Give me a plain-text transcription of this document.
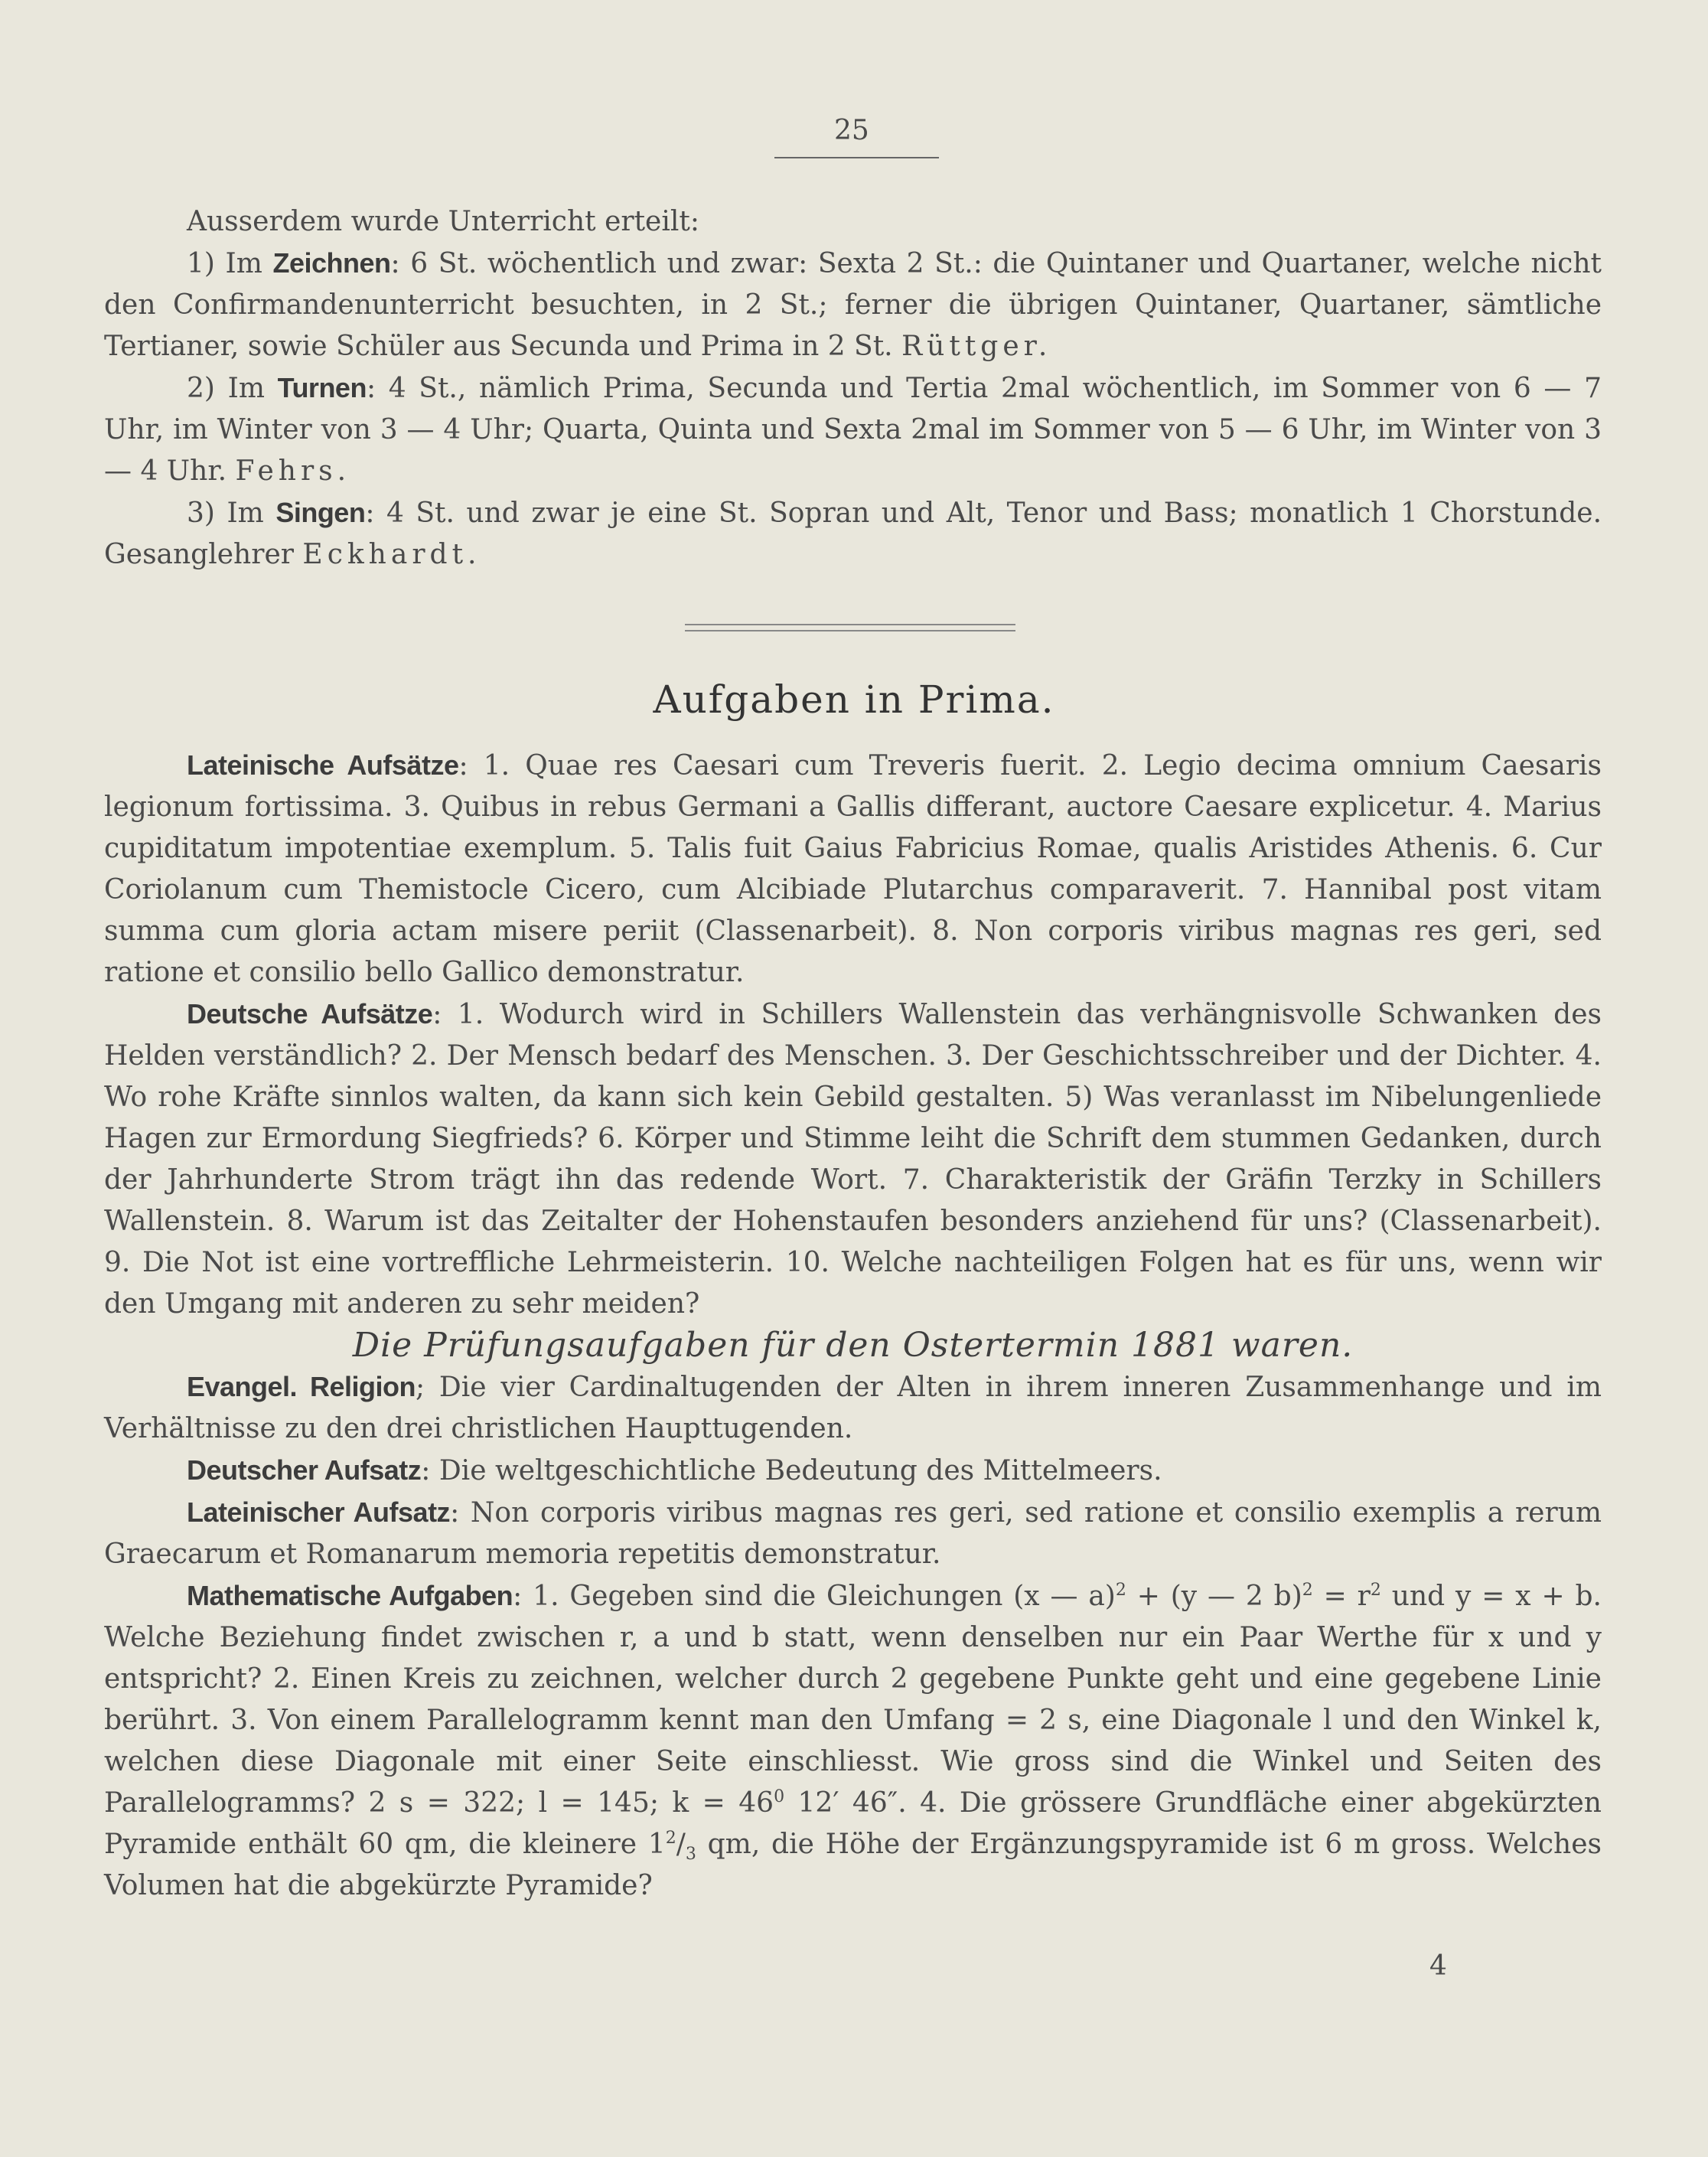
25

Ausserdem wurde Unterricht erteilt:

1) Im Zeichnen: 6 St. wöchentlich und zwar: Sexta 2 St.: die Quintaner und Quartaner, welche nicht den Confirmandenunterricht besuchten, in 2 St.; ferner die übrigen Quintaner, Quartaner, sämtliche Tertianer, sowie Schüler aus Secunda und Prima in 2 St. Rüttger.

2) Im Turnen: 4 St., nämlich Prima, Secunda und Tertia 2mal wöchentlich, im Sommer von 6 — 7 Uhr, im Winter von 3 — 4 Uhr; Quarta, Quinta und Sexta 2mal im Sommer von 5 — 6 Uhr, im Winter von 3 — 4 Uhr. Fehrs.

3) Im Singen: 4 St. und zwar je eine St. Sopran und Alt, Tenor und Bass; monatlich 1 Chorstunde. Gesanglehrer Eckhardt.

Aufgaben in Prima.

Lateinische Aufsätze: 1. Quae res Caesari cum Treveris fuerit. 2. Legio decima omnium Caesaris legionum fortissima. 3. Quibus in rebus Germani a Gallis differant, auctore Caesare explicetur. 4. Marius cupiditatum impotentiae exemplum. 5. Talis fuit Gaius Fabricius Romae, qualis Aristides Athenis. 6. Cur Coriolanum cum Themistocle Cicero, cum Alcibiade Plutarchus comparaverit. 7. Hannibal post vitam summa cum gloria actam misere periit (Classenarbeit). 8. Non corporis viribus magnas res geri, sed ratione et consilio bello Gallico demonstratur.

Deutsche Aufsätze: 1. Wodurch wird in Schillers Wallenstein das verhängnisvolle Schwanken des Helden verständlich? 2. Der Mensch bedarf des Menschen. 3. Der Geschichtsschreiber und der Dichter. 4. Wo rohe Kräfte sinnlos walten, da kann sich kein Gebild gestalten. 5) Was veranlasst im Nibelungenliede Hagen zur Ermordung Siegfrieds? 6. Körper und Stimme leiht die Schrift dem stummen Gedanken, durch der Jahrhunderte Strom trägt ihn das redende Wort. 7. Charakteristik der Gräfin Terzky in Schillers Wallenstein. 8. Warum ist das Zeitalter der Hohenstaufen besonders anziehend für uns? (Classenarbeit). 9. Die Not ist eine vortreffliche Lehrmeisterin. 10. Welche nachteiligen Folgen hat es für uns, wenn wir den Umgang mit anderen zu sehr meiden?

Die Prüfungsaufgaben für den Ostertermin 1881 waren.

Evangel. Religion; Die vier Cardinaltugenden der Alten in ihrem inneren Zusammenhange und im Verhältnisse zu den drei christlichen Haupttugenden.

Deutscher Aufsatz: Die weltgeschichtliche Bedeutung des Mittelmeers.

Lateinischer Aufsatz: Non corporis viribus magnas res geri, sed ratione et consilio exemplis a rerum Graecarum et Romanarum memoria repetitis demonstratur.

Mathematische Aufgaben: 1. Gegeben sind die Gleichungen (x — a)$^2$ + (y — 2 $b)^2 = r^2$ und y = x + b. Welche Beziehung findet zwischen r, a und b statt, wenn denselben nur ein Paar Werthe für x und y entspricht? 2. Einen Kreis zu zeichnen, welcher durch 2 gegebene Punkte geht und eine gegebene Linie berührt. 3. Von einem Parallelogramm kennt man den Umfang = 2 s, eine Diagonale l und den Winkel k, welchen diese Diagonale mit einer Seite einschliesst. Wie gross sind die Winkel und Seiten des Parallelogramms? 2 s = 322; l = 145; $k = 46^0$ 12′ 46″. 4. Die grössere Grundfläche einer abgekürzten Pyramide enthält 60 qm, die kleinere $1^2/_3$ qm, die Höhe der Ergänzungspyramide ist 6 m gross. Welches Volumen hat die abgekürzte Pyramide?

4
